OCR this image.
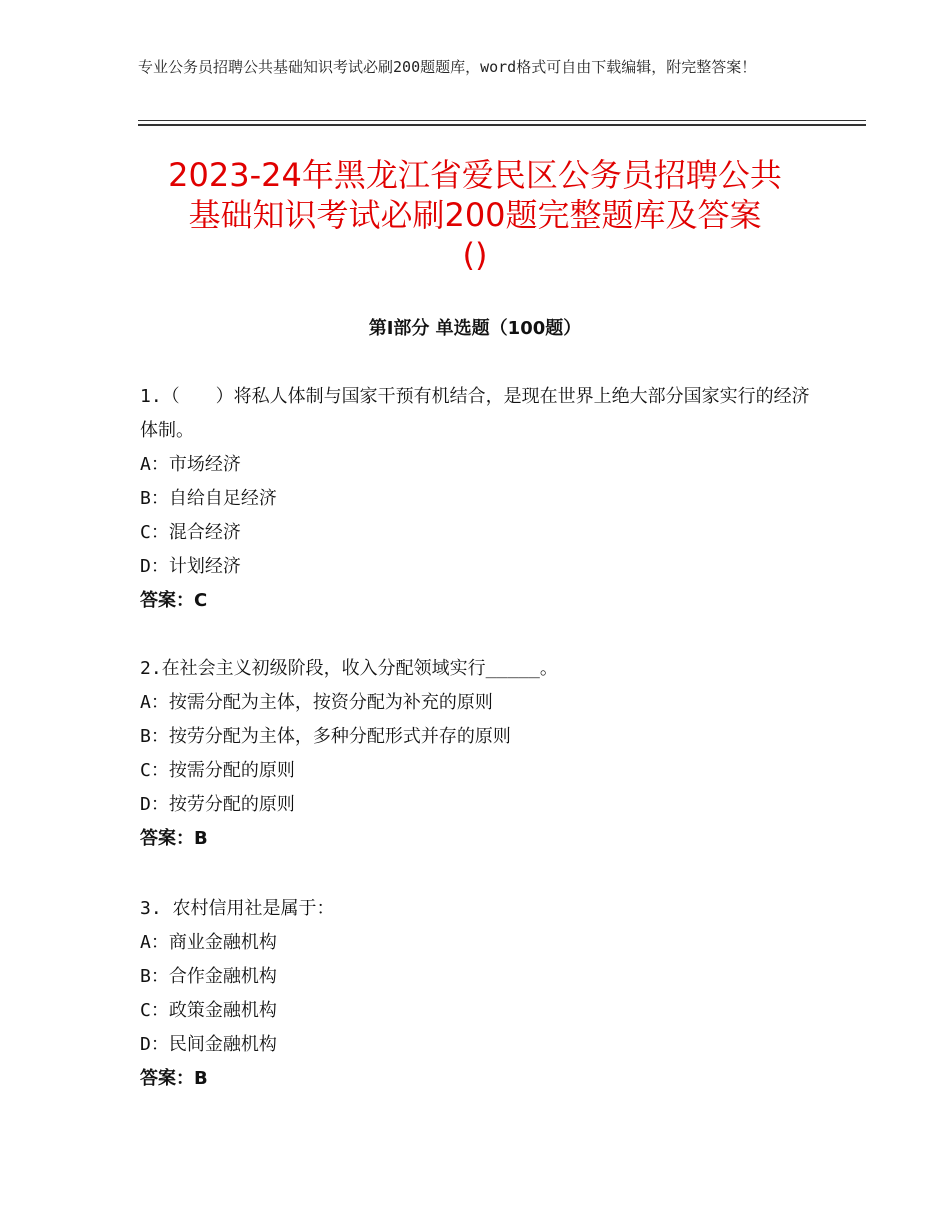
专业公务员招聘公共基础知识考试必刷200题题库，word格式可自由下载编辑，附完整答案！
2023-24年黑龙江省爱民区公务员招聘公共
基础知识考试必刷200题完整题库及答案
()
第Ⅰ部分 单选题（100题）
1.（　　）将私人体制与国家干预有机结合，是现在世界上绝大部分国家实行的经济体制。
A：市场经济
B：自给自足经济
C：混合经济
D：计划经济
答案：C
2.在社会主义初级阶段，收入分配领域实行_____。
A：按需分配为主体，按资分配为补充的原则
B：按劳分配为主体，多种分配形式并存的原则
C：按需分配的原则
D：按劳分配的原则
答案：B
3. 农村信用社是属于：
A：商业金融机构
B：合作金融机构
C：政策金融机构
D：民间金融机构
答案：B
